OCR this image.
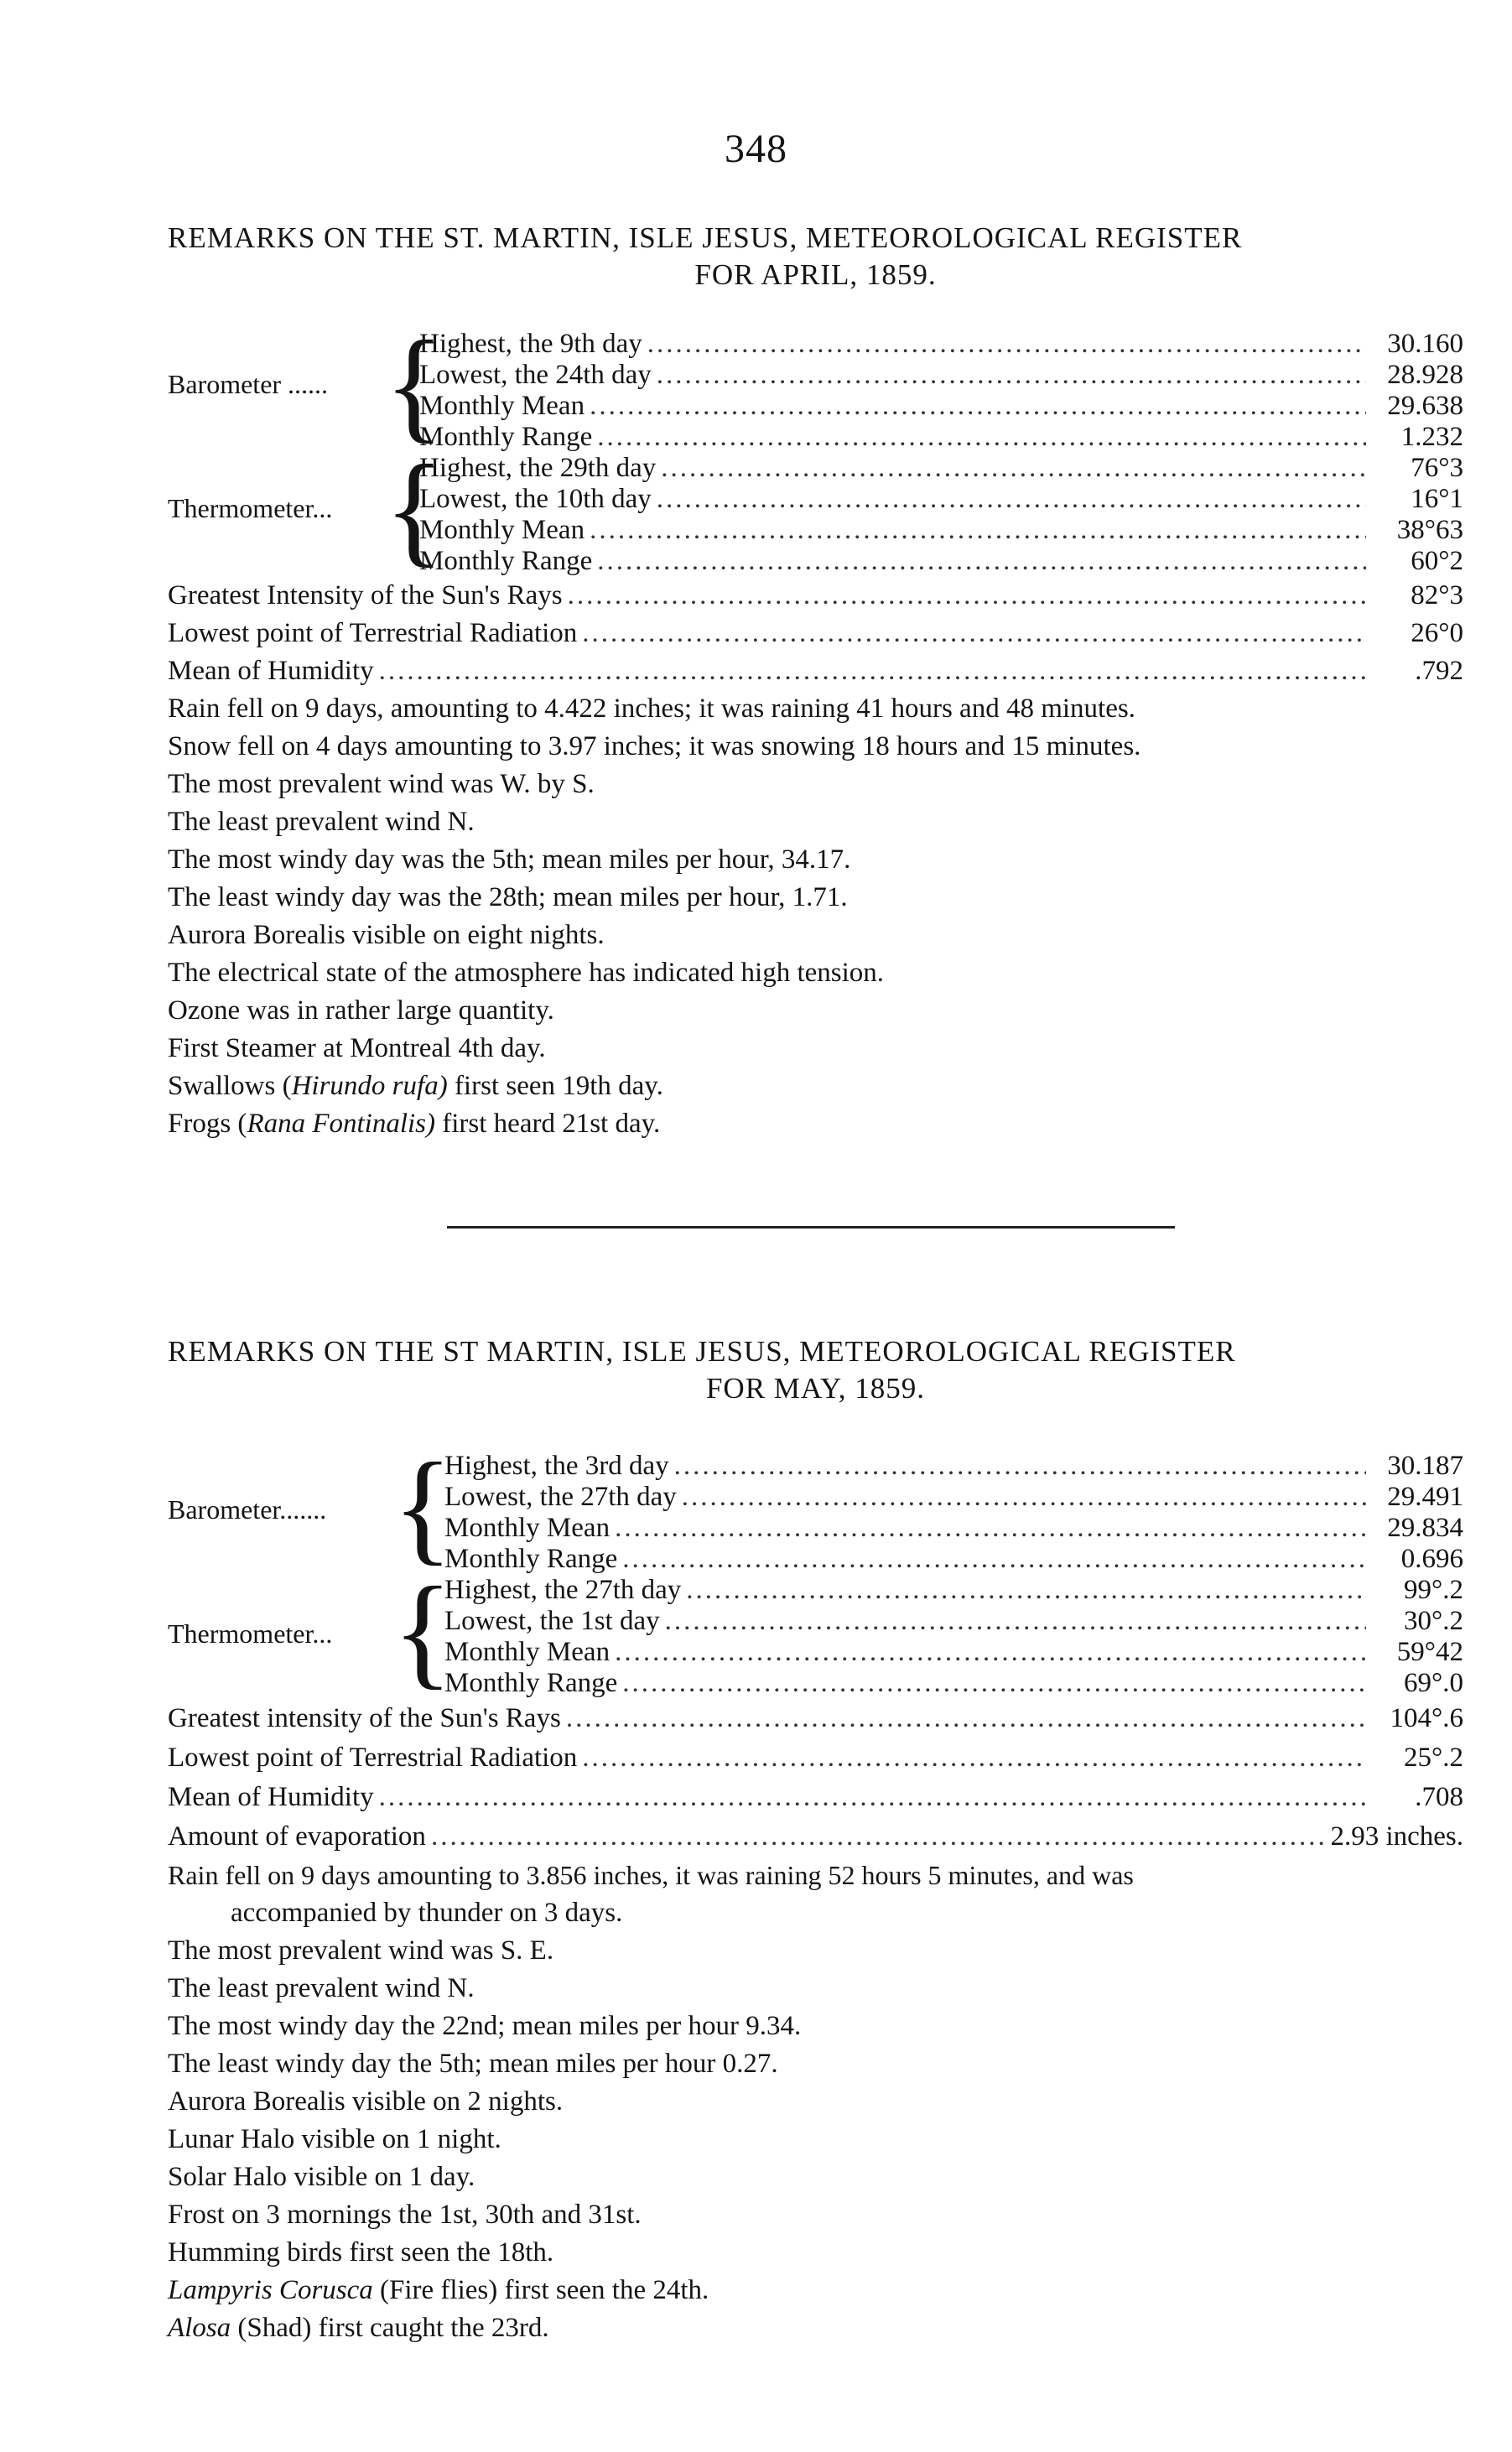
348
REMARKS ON THE ST. MARTIN, ISLE JESUS, METEOROLOGICAL REGISTER
FOR APRIL, 1859.
Barometer ...... {
Highest, the 9th day .....	30.160
Lowest, the 24th day .....	28.928
Monthly Mean .....	29.638
Monthly Range .....	1.232
Thermometer... {
Highest, the 29th day .....	76°3
Lowest, the 10th day .....	16°1
Monthly Mean .....	38°63
Monthly Range .....	60°2
Greatest Intensity of the Sun's Rays .....	82°3
Lowest point of Terrestrial Radiation .....	26°0
Mean of Humidity .....	.792
Rain fell on 9 days, amounting to 4.422 inches; it was raining 41 hours and 48 minutes.
Snow fell on 4 days amounting to 3.97 inches; it was snowing 18 hours and 15 minutes.
The most prevalent wind was W. by S.
The least prevalent wind N.
The most windy day was the 5th; mean miles per hour, 34.17.
The least windy day was the 28th; mean miles per hour, 1.71.
Aurora Borealis visible on eight nights.
The electrical state of the atmosphere has indicated high tension.
Ozone was in rather large quantity.
First Steamer at Montreal 4th day.
Swallows (Hirundo rufa) first seen 19th day.
Frogs (Rana Fontinalis) first heard 21st day.
REMARKS ON THE ST MARTIN, ISLE JESUS, METEOROLOGICAL REGISTER
FOR MAY, 1859.
Barometer....... {
Highest, the 3rd day .....	30.187
Lowest, the 27th day .....	29.491
Monthly Mean .....	29.834
Monthly Range .....	0.696
Thermometer... {
Highest, the 27th day .....	99°.2
Lowest, the 1st day .....	30°.2
Monthly Mean .....	59°42
Monthly Range .....	69°.0
Greatest intensity of the Sun's Rays .....	104°.6
Lowest point of Terrestrial Radiation .....	25°.2
Mean of Humidity .....	.708
Amount of evaporation .....	2.93 inches.
Rain fell on 9 days amounting to 3.856 inches, it was raining 52 hours 5 minutes, and was
accompanied by thunder on 3 days.
The most prevalent wind was S. E.
The least prevalent wind N.
The most windy day the 22nd; mean miles per hour 9.34.
The least windy day the 5th; mean miles per hour 0.27.
Aurora Borealis visible on 2 nights.
Lunar Halo visible on 1 night.
Solar Halo visible on 1 day.
Frost on 3 mornings the 1st, 30th and 31st.
Humming birds first seen the 18th.
Lampyris Corusca (Fire flies) first seen the 24th.
Alosa (Shad) first caught the 23rd.
